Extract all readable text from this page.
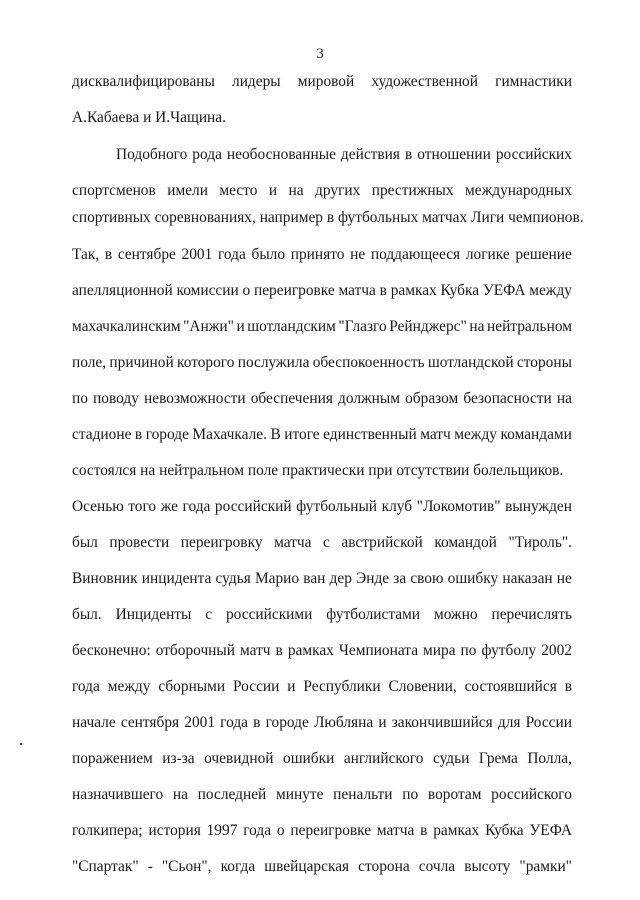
3
дисквалифицированы лидеры мировой художественной гимнастики
А.Кабаева и И.Чащина.
Подобного рода необоснованные действия в отношении российских
спортсменов имели место и на других престижных международных
спортивных соревнованиях, например в футбольных матчах Лиги чемпионов.
Так, в сентябре 2001 года было принято не поддающееся логике решение
апелляционной комиссии о переигровке матча в рамках Кубка УЕФА между
махачкалинским "Анжи" и шотландским "Глазго Рейнджерс" на нейтральном
поле, причиной которого послужила обеспокоенность шотландской стороны
по поводу невозможности обеспечения должным образом безопасности на
стадионе в городе Махачкале. В итоге единственный матч между командами
состоялся на нейтральном поле практически при отсутствии болельщиков.
Осенью того же года российский футбольный клуб "Локомотив" вынужден
был провести переигровку матча с австрийской командой "Тироль".
Виновник инцидента судья Марио ван дер Энде за свою ошибку наказан не
был. Инциденты с российскими футболистами можно перечислять
бесконечно: отборочный матч в рамках Чемпионата мира по футболу 2002
года между сборными России и Республики Словении, состоявшийся в
начале сентября 2001 года в городе Любляна и закончившийся для России
поражением из-за очевидной ошибки английского судьи Грема Полла,
назначившего на последней минуте пенальти по воротам российского
голкипера; история 1997 года о переигровке матча в рамках Кубка УЕФА
"Спартак" - "Сьон", когда швейцарская сторона сочла высоту "рамки"
